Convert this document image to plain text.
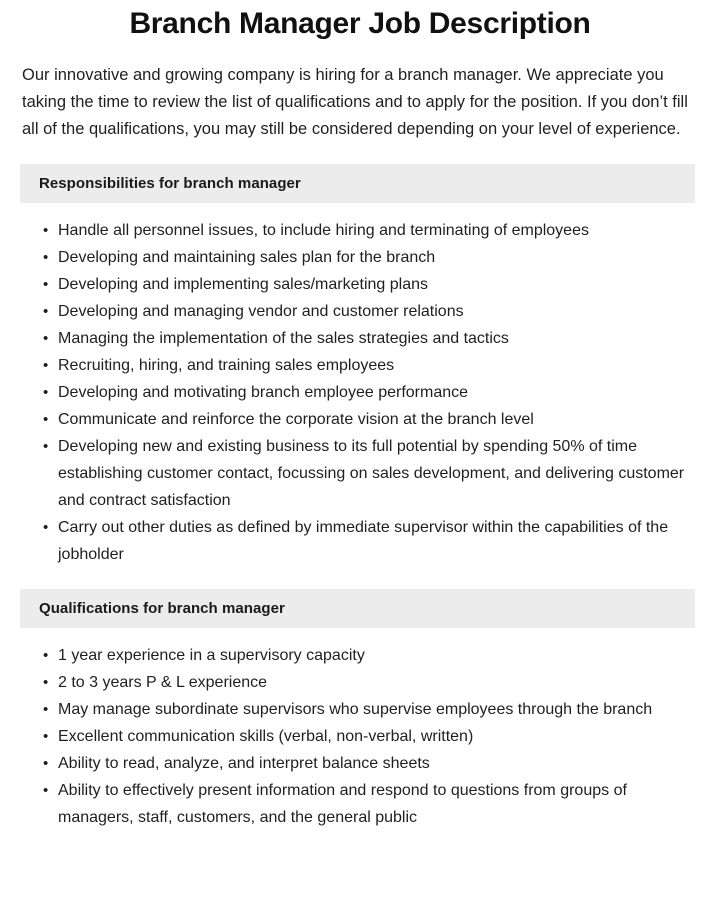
Branch Manager Job Description

Our innovative and growing company is hiring for a branch manager. We appreciate you taking the time to review the list of qualifications and to apply for the position. If you don’t fill all of the qualifications, you may still be considered depending on your level of experience.

Responsibilities for branch manager
• Handle all personnel issues, to include hiring and terminating of employees
• Developing and maintaining sales plan for the branch
• Developing and implementing sales/marketing plans
• Developing and managing vendor and customer relations
• Managing the implementation of the sales strategies and tactics
• Recruiting, hiring, and training sales employees
• Developing and motivating branch employee performance
• Communicate and reinforce the corporate vision at the branch level
• Developing new and existing business to its full potential by spending 50% of time establishing customer contact, focussing on sales development, and delivering customer and contract satisfaction
• Carry out other duties as defined by immediate supervisor within the capabilities of the jobholder
Qualifications for branch manager
• 1 year experience in a supervisory capacity
• 2 to 3 years P & L experience
• May manage subordinate supervisors who supervise employees through the branch
• Excellent communication skills (verbal, non-verbal, written)
• Ability to read, analyze, and interpret balance sheets
• Ability to effectively present information and respond to questions from groups of managers, staff, customers, and the general public
